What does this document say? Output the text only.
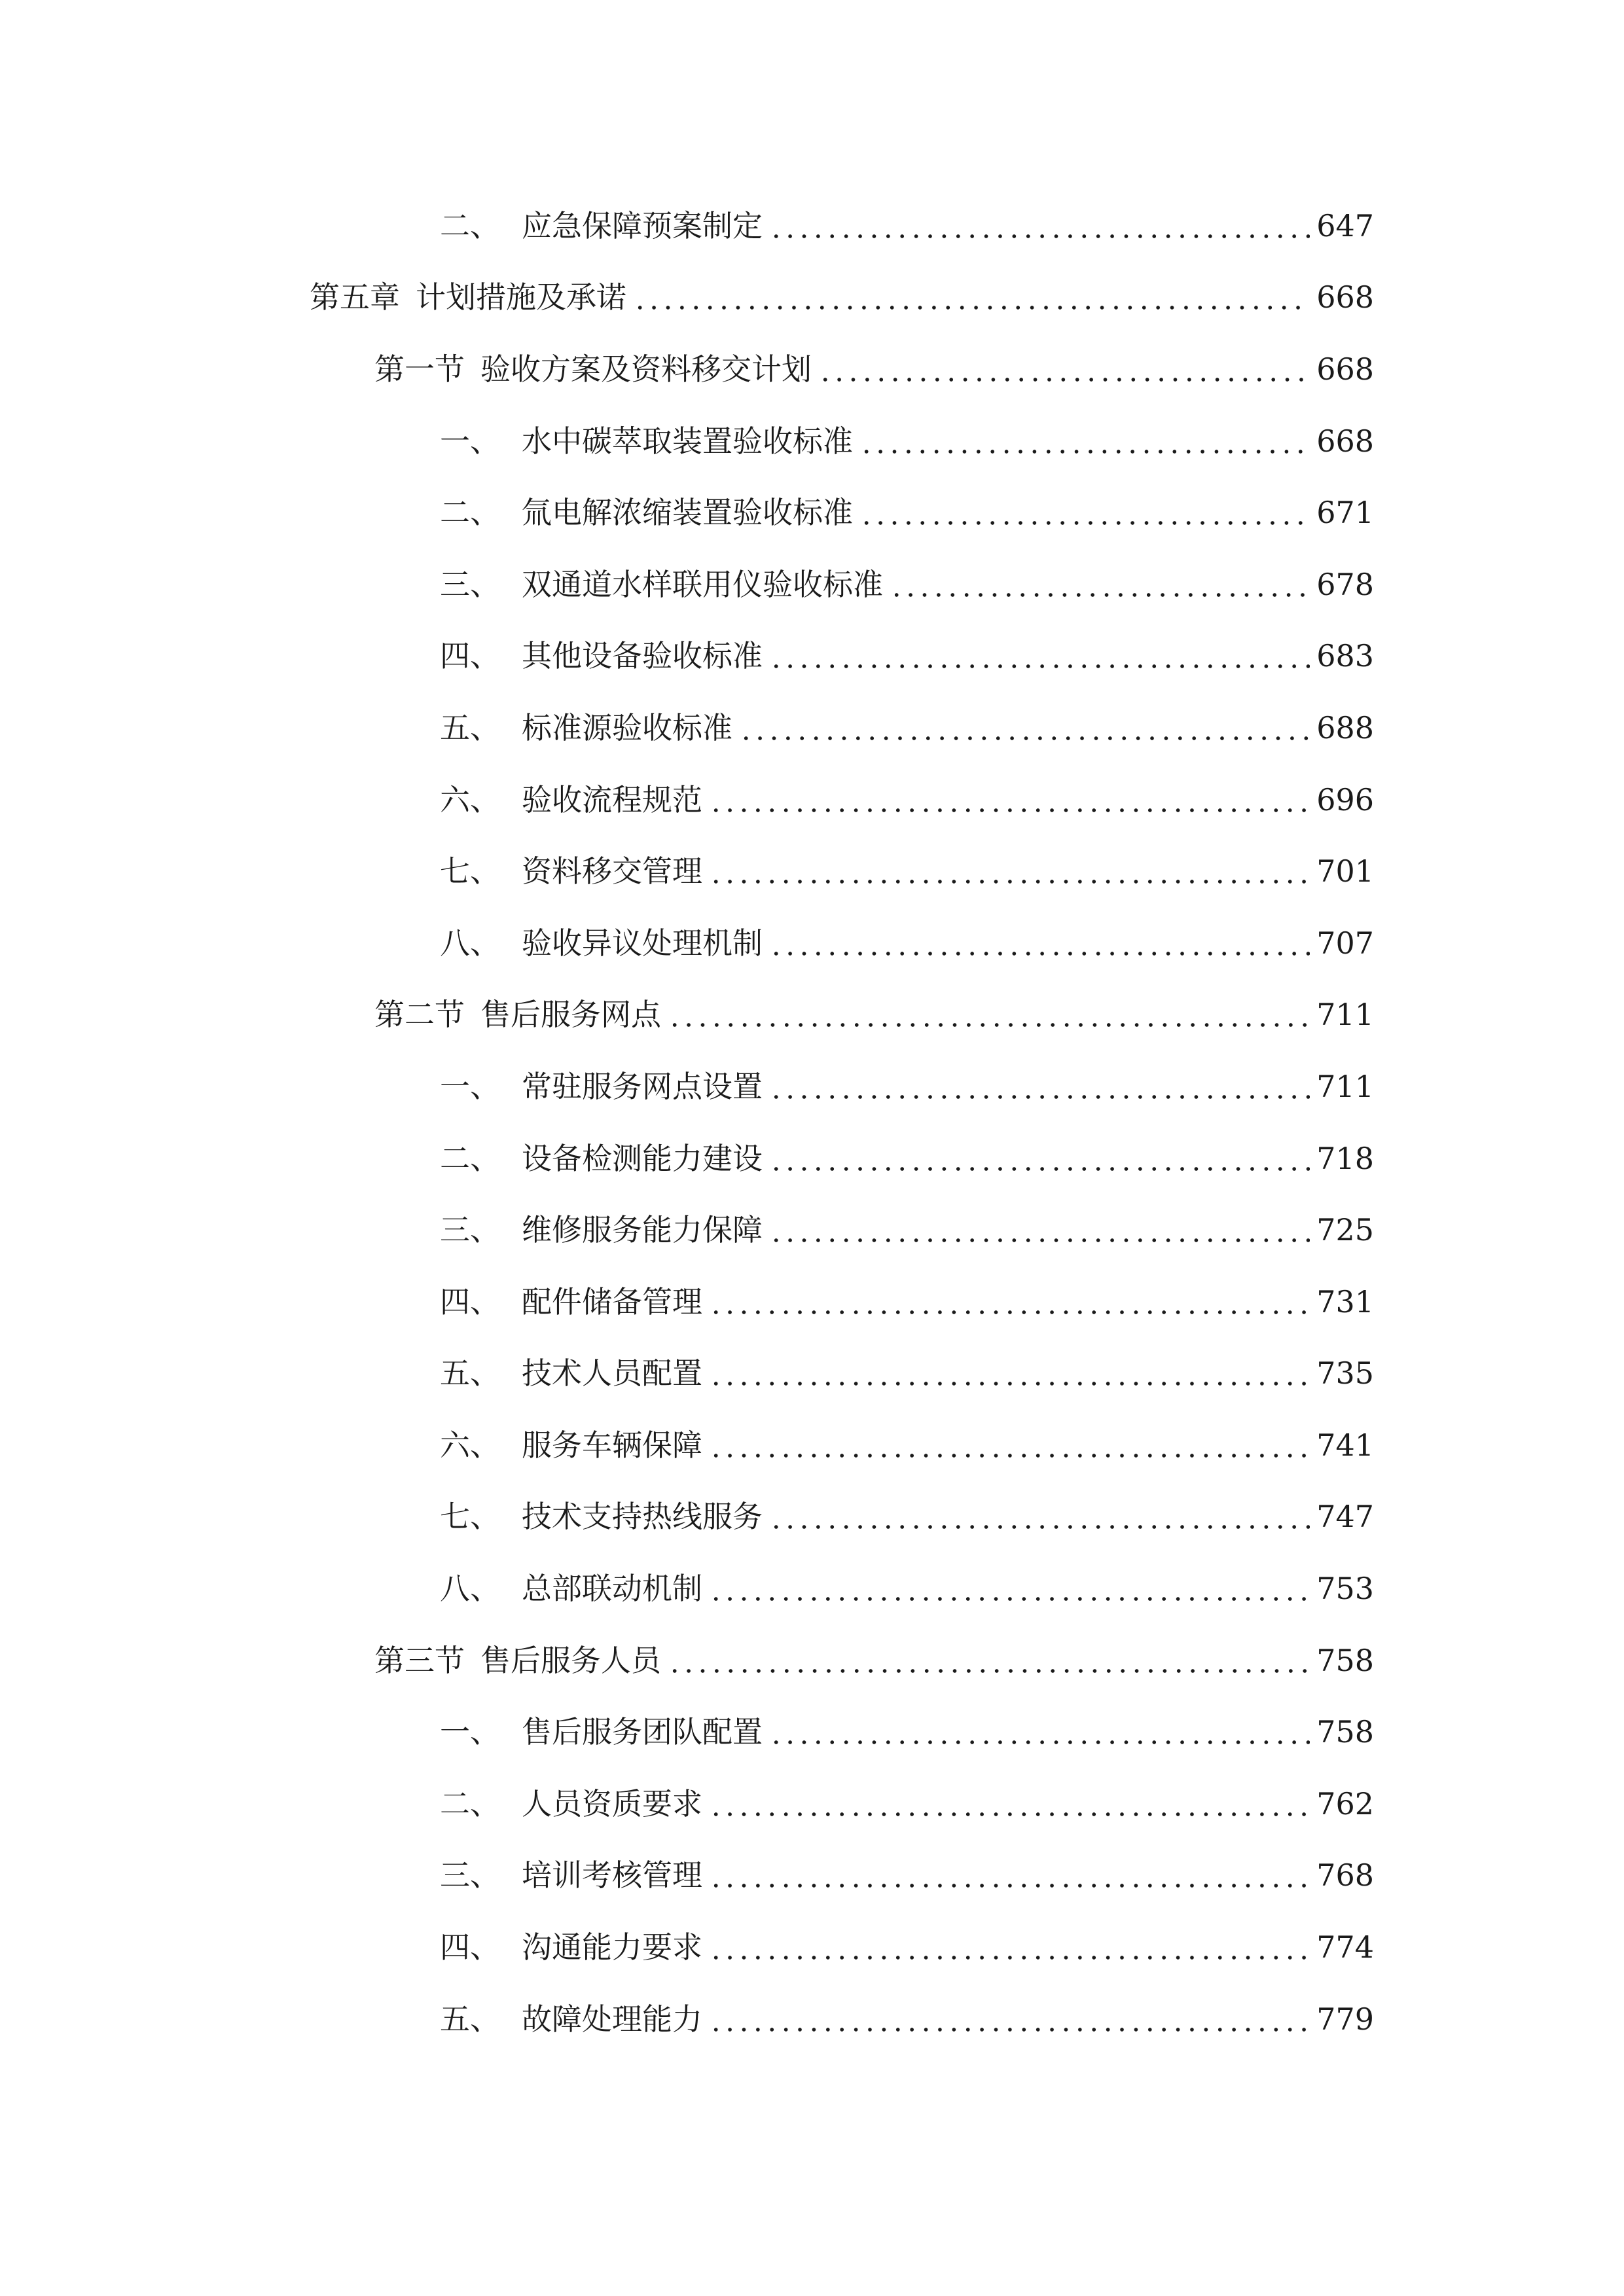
二、 应急保障预案制定	647
第五章 计划措施及承诺	668
第一节 验收方案及资料移交计划	668
一、 水中碳萃取装置验收标准	668
二、 氚电解浓缩装置验收标准	671
三、 双通道水样联用仪验收标准	678
四、 其他设备验收标准	683
五、 标准源验收标准	688
六、 验收流程规范	696
七、 资料移交管理	701
八、 验收异议处理机制	707
第二节 售后服务网点	711
一、 常驻服务网点设置	711
二、 设备检测能力建设	718
三、 维修服务能力保障	725
四、 配件储备管理	731
五、 技术人员配置	735
六、 服务车辆保障	741
七、 技术支持热线服务	747
八、 总部联动机制	753
第三节 售后服务人员	758
一、 售后服务团队配置	758
二、 人员资质要求	762
三、 培训考核管理	768
四、 沟通能力要求	774
五、 故障处理能力	779
